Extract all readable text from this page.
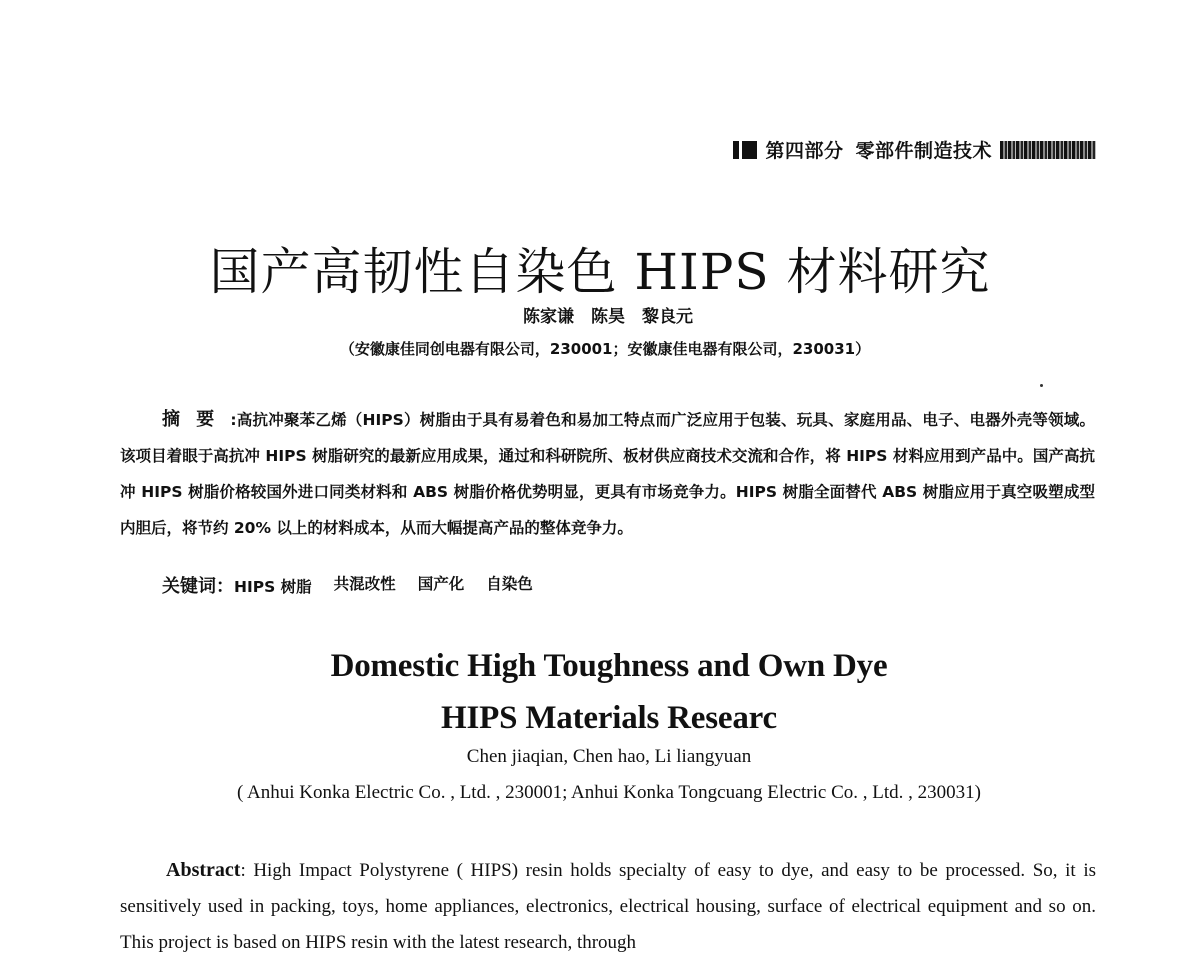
第四部分 零部件制造技术
国产高韧性自染色 HIPS 材料研究
陈家谦　陈昊　黎良元
（安徽康佳同创电器有限公司，230001；安徽康佳电器有限公司，230031）
摘要:高抗冲聚苯乙烯（HIPS）树脂由于具有易着色和易加工特点而广泛应用于包装、玩具、家庭用品、电子、电器外壳等领域。该项目着眼于高抗冲 HIPS 树脂研究的最新应用成果，通过和科研院所、板材供应商技术交流和合作，将 HIPS 材料应用到产品中。国产高抗冲 HIPS 树脂价格较国外进口同类材料和 ABS 树脂价格优势明显，更具有市场竞争力。HIPS 树脂全面替代 ABS 树脂应用于真空吸塑成型内胆后，将节约 20% 以上的材料成本，从而大幅提高产品的整体竞争力。
关键词：HIPS 树脂 共混改性 国产化 自染色
Domestic High Toughness and Own Dye
HIPS Materials Researc
Chen jiaqian, Chen hao, Li liangyuan
( Anhui Konka Electric Co. , Ltd. , 230001; Anhui Konka Tongcuang Electric Co. , Ltd. , 230031)
Abstract: High Impact Polystyrene ( HIPS) resin holds specialty of easy to dye, and easy to be processed. So, it is sensitively used in packing, toys, home appliances, electronics, electrical housing, surface of electrical equipment and so on. This project is based on HIPS resin with the latest research, through
